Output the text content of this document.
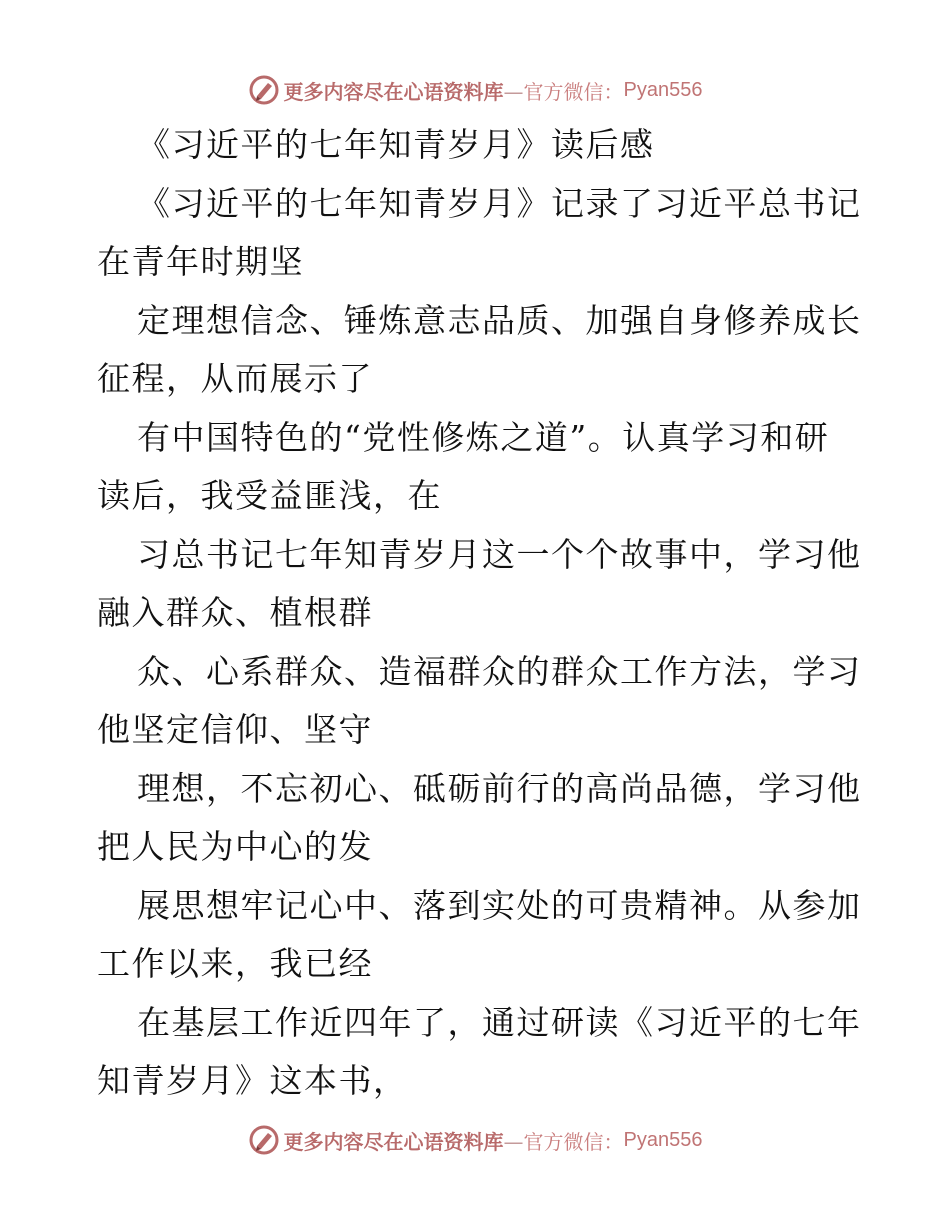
更多内容尽在心语资料库 —官方微信： Pyan556
《习近平的七年知青岁月》读后感
《习近平的七年知青岁月》记录了习近平总书记
在青年时期坚
定理想信念、锤炼意志品质、加强自身修养成长
征程，从而展示了
有中国特色的“党性修炼之道”。认真学习和研
读后，我受益匪浅，在
习总书记七年知青岁月这一个个故事中，学习他
融入群众、植根群
众、心系群众、造福群众的群众工作方法，学习
他坚定信仰、坚守
理想，不忘初心、砥砺前行的高尚品德，学习他
把人民为中心的发
展思想牢记心中、落到实处的可贵精神。从参加
工作以来，我已经
在基层工作近四年了，通过研读《习近平的七年
知青岁月》这本书，
更多内容尽在心语资料库 —官方微信： Pyan556
